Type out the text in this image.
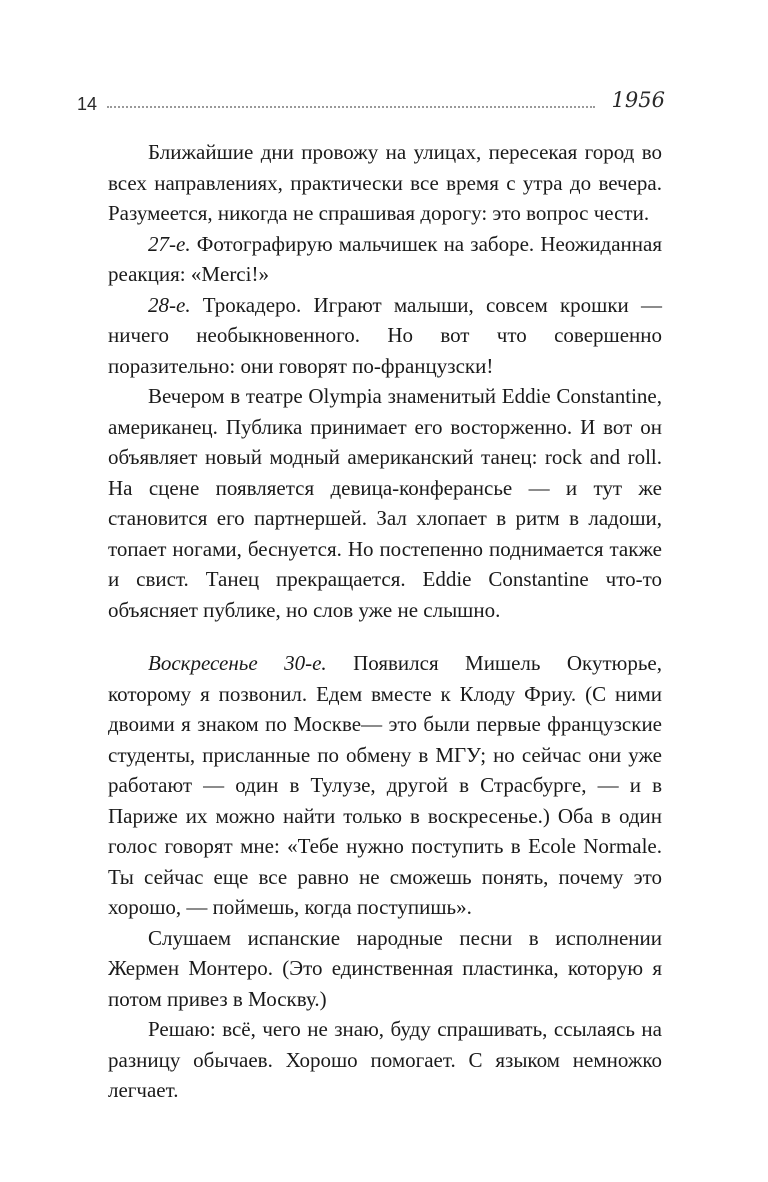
14	1956

Ближайшие дни провожу на улицах, пересекая город во всех направлениях, практически все время с утра до вечера. Разумеется, никогда не спрашивая дорогу: это вопрос чести.

27-е. Фотографирую мальчишек на заборе. Неожиданная реакция: «Merci!»

28-е. Трокадеро. Играют малыши, совсем крошки — ничего необыкновенного. Но вот что совершенно поразительно: они говорят по-французски!

Вечером в театре Olympia знаменитый Eddie Constantine, американец. Публика принимает его восторженно. И вот он объявляет новый модный американский танец: rock and roll. На сцене появляется девица-конферансье — и тут же становится его партнершей. Зал хлопает в ритм в ладоши, топает ногами, беснуется. Но постепенно поднимается также и свист. Танец прекращается. Eddie Constantine что-то объясняет публике, но слов уже не слышно.

Воскресенье 30-е. Появился Мишель Окутюрье, которому я позвонил. Едем вместе к Клоду Фриу. (С ними двоими я знаком по Москве— это были первые французские студенты, присланные по обмену в МГУ; но сейчас они уже работают — один в Тулузе, другой в Страсбурге, — и в Париже их можно найти только в воскресенье.) Оба в один голос говорят мне: «Тебе нужно поступить в Ecole Normale. Ты сейчас еще все равно не сможешь понять, почему это хорошо, — поймешь, когда поступишь».

Слушаем испанские народные песни в исполнении Жермен Монтеро. (Это единственная пластинка, которую я потом привез в Москву.)

Решаю: всё, чего не знаю, буду спрашивать, ссылаясь на разницу обычаев. Хорошо помогает. С языком немножко легчает.
